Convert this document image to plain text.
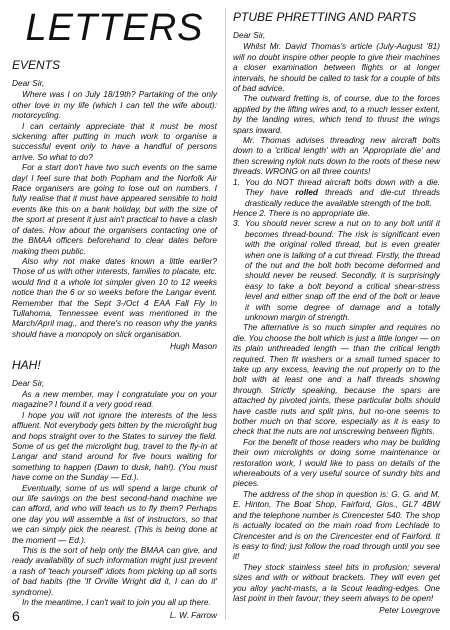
LETTERS
EVENTS
Dear Sir,

Where was I on July 18/19th? Partaking of the only other love in my life (which I can tell the wife about): motorcycling.

I can certainly appreciate that it must be most sickening after putting in much work to organise a successful event only to have a handful of persons arrive. So what to do?

For a start don't have two such events on the same day! I feel sure that both Popham and the Norfolk Air Race organisers are going to lose out on numbers. I fully realise that it must have appeared sensible to hold events like this on a bank holiday, but with the size of the sport at present it just ain't practical to have a clash of dates. How about the organisers contacting one of the BMAA officers beforehand to clear dates before making them public.

Also why not make dates known a little earlier? Those of us with other interests, families to placate, etc. would find it a whole lot simpler given 10 to 12 weeks notice than the 6 or so weeks before the Langar event. Remember that the Sept 3-/Oct 4 EAA Fall Fly In Tullahoma, Tennessee event was mentioned in the March/April mag., and there's no reason why the yanks should have a monopoly on slick organisation.

Hugh Mason
HAH!
Dear Sir,

As a new member, may I congratulate you on your magazine? I found it a very good read.

I hope you will not ignore the interests of the less affluent. Not everybody gets bitten by the microlight bug and hops straight over to the States to survey the field. Some of us get the microlight bug, travel to the fly-in at Langar and stand around for five hours waiting for something to happen (Dawn to dusk, hah!). (You must have come on the Sunday — Ed.).

Eventually, some of us will spend a large chunk of our life savings on the best second-hand machine we can afford, and who will teach us to fly them? Perhaps one day you will assemble a list of instructors, so that we can simply pick the nearest. (This is being done at the moment — Ed.).

This is the sort of help only the BMAA can give, and ready availability of such information might just prevent a rash of 'teach yourself' idiots from picking up all sorts of bad habits (the 'If Orville Wright did it, I can do it' syndrome).

In the meantime, I can't wait to join you all up there.

L. W. Farrow
PTUBE PHRETTING AND PARTS
Dear Sir,

Whilst Mr. David Thomas's article (July-August '81) will no doubt inspire other people to give their machines a closer examination between flights or at longer intervals, he should be called to task for a couple of bits of bad advice.

The outward fretting is, of course, due to the forces applied by the lifting wires and, to a much lesser extent, by the landing wires, which tend to thrust the wings spars inward.

Mr. Thomas advises threading new aircraft bolts down to a 'critical length' with an 'Appropriate die' and then screwing nylok nuts down to the roots of these new threads. WRONG on all three counts!

1. You do NOT thread aircraft bolts down with a die. They have rolled threads and die-cut threads drastically reduce the available strength of the bolt.
Hence 2. There is no appropriate die.
3. You should never screw a nut on to any bolt until it becomes thread-bound. The risk is significant even with the original rolled thread, but is even greater when one is talking of a cut thread. Firstly, the thread of the nut and the bolt both become deformed and should never be reused. Secondly, it is surprisingly easy to take a bolt beyond a critical shear-stress level and either snap off the end of the bolt or leave it with some degree of damage and a totally unknown margin of strength.

The alternative is so much simpler and requires no die. You choose the bolt which is just a little longer — on its plain unthreaded length — than the critical length required. Then fit washers or a small turned spacer to take up any excess, leaving the nut properly on to the bolt with at least one and a half threads showing through. Strictly speaking, because the spars are attached by pivoted joints, these particular bolts should have castle nuts and split pins, but no-one seems to bother much on that score, especially as it is easy to check that the nuts are not unscrewing between flights.

For the benefit of those readers who may be building their own microlights or doing some maintenance or restoration work, I would like to pass on details of the whereabouts of a very useful source of sundry bits and pieces.

The address of the shop in question is: G. G. and M. E. Hinton, The Boat Shop, Fairford, Glos., GL7 4BW and the telephone number is Cirencester 540. The shop is actually located on the main road from Lechlade to Cirencester and is on the Cirencester end of Fairford. It is easy to find; just follow the road through until you see it!

They stock stainless steel bits in profusion; several sizes and with or without brackets. They will even get you alloy yacht-masts, a la Scout leading-edges. One last point in their favour; they seem always to be open!

Peter Lovegrove
6
